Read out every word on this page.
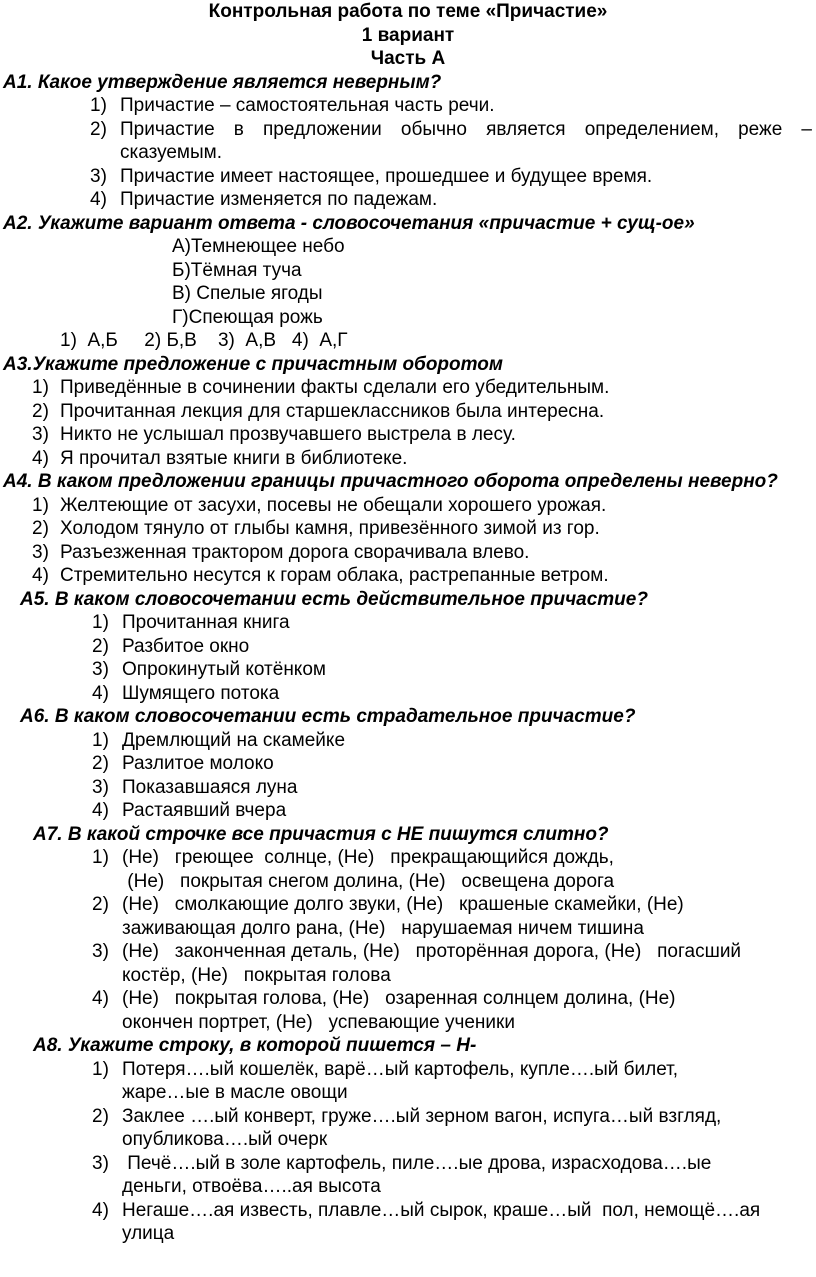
Контрольная работа по теме «Причастие»

1 вариант

Часть А

А1. Какое утверждение является неверным?

1) Причастие – самостоятельная часть речи.
2) Причастие в предложении обычно является определением, реже – сказуемым.
3) Причастие имеет настоящее, прошедшее и будущее время.
4) Причастие изменяется по падежам.

А2. Укажите вариант ответа - словосочетания «причастие + сущ-ое»

А)Темнеющее небо
Б)Тёмная туча
В) Спелые ягоды
Г)Спеющая рожь

1)  А,Б     2) Б,В    3)  А,В   4)  А,Г

А3.Укажите предложение с причастным оборотом

1) Приведённые в сочинении факты сделали его убедительным.
2) Прочитанная лекция для старшеклассников была интересна.
3) Никто не услышал прозвучавшего выстрела в лесу.
4) Я прочитал взятые книги в библиотеке.

А4. В каком предложении границы причастного оборота определены неверно?

1) Желтеющие от засухи, посевы не обещали хорошего урожая.
2) Холодом тянуло от глыбы камня, привезённого зимой из гор.
3) Разъезженная трактором дорога сворачивала влево.
4) Стремительно несутся к горам облака, растрепанные ветром.

А5. В каком словосочетании есть действительное причастие?

1) Прочитанная книга
2) Разбитое окно
3) Опрокинутый котёнком
4) Шумящего потока

А6. В каком словосочетании есть страдательное причастие?

1) Дремлющий на скамейке
2) Разлитое молоко
3) Показавшаяся луна
4) Растаявший вчера

А7. В какой строчке все причастия с НЕ пишутся слитно?

1) (Не)   греющее  солнце, (Не)   прекращающийся дождь,
(Не)   покрытая снегом долина, (Не)   освещена дорога
2) (Не)   смолкающие долго звуки, (Не)   крашеные скамейки, (Не)
заживающая долго рана, (Не)   нарушаемая ничем тишина
3) (Не)   законченная деталь, (Не)   проторённая дорога, (Не)   погасший
костёр, (Не)   покрытая голова
4) (Не)   покрытая голова, (Не)   озаренная солнцем долина, (Не)
окончен портрет, (Не)   успевающие ученики

А8. Укажите строку, в которой пишется – Н-

1) Потеря….ый кошелёк, варё…ый картофель, купле….ый билет,
жаре…ые в масле овощи
2) Заклее ….ый конверт, груже….ый зерном вагон, испуга…ый взгляд,
опубликова….ый очерк
3) Печё….ый в золе картофель, пиле….ые дрова, израсходова….ые
деньги, отвоёва…..ая высота
4) Негаше….ая известь, плавле…ый сырок, краше…ый  пол, немощё….ая
улица
